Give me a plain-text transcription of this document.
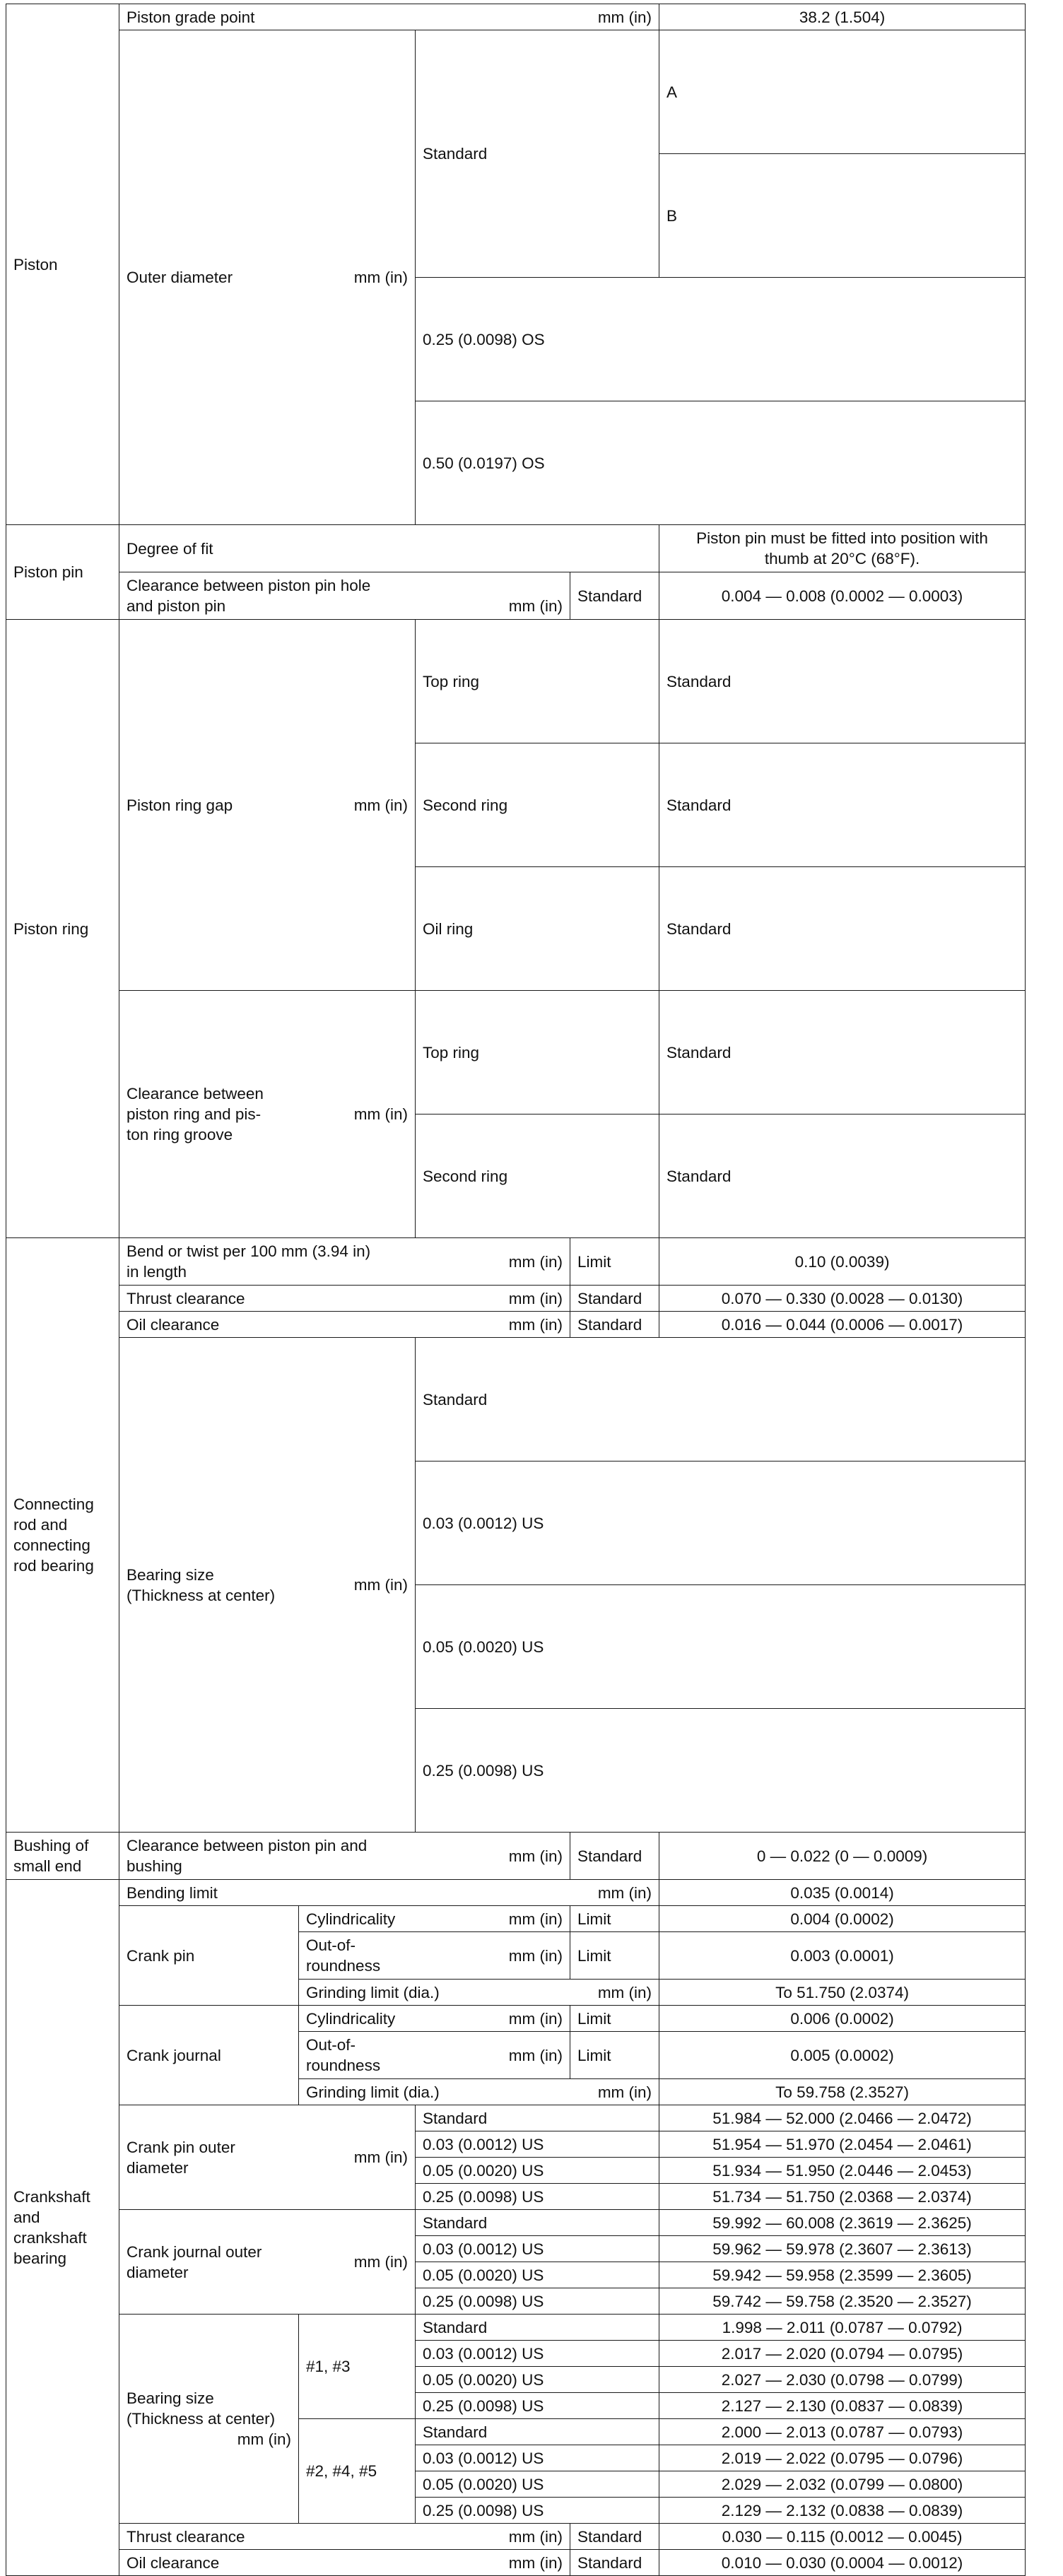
Piston	Piston grade point mm (in)				38.2 (1.504)	

	Outer diameter mm (in)		Standard		A	
					B	
			0.25 (0.0098) OS	
			0.50 (0.0197) OS	
Piston pin	Degree of fit				Piston pin must be fitted into position with
thumb at 20°C (68°F).	

	Clearance between piston pin hole
and piston pin mm (in)			Standard	0.004 — 0.008 (0.0002 — 0.0003)	
Piston ring	Piston ring gap mm (in)		Top ring		Standard	
			Second ring		Standard	
			Oil ring		Standard	

	Clearance between
piston ring and pis-
ton ring groove
mm (in)		Top ring		Standard	
			Second ring		Standard	
Connecting
rod and
connecting
rod bearing	Bend or twist per 100 mm (3.94 in)
in length
mm (in)			Limit	0.10 (0.0039)	

	Thrust clearance mm (in)			Standard	0.070 — 0.330 (0.0028 — 0.0130)	

	Oil clearance mm (in)			Standard	0.016 — 0.044 (0.0006 — 0.0017)	

	Bearing size
(Thickness at center)
mm (in)		Standard	
			0.03 (0.0012) US	
			0.05 (0.0020) US	
			0.25 (0.0098) US	
Bushing of
small end	Clearance between piston pin and
bushing
mm (in)			Standard	0 — 0.022 (0 — 0.0009)	
Crankshaft
and
crankshaft
bearing	Bending limit mm (in)				0.035 (0.0014)	
	Crank pin	Cylindricality mm (in)		Limit	0.004 (0.0002)	

		Out-of-
roundness
mm (in)		Limit	0.003 (0.0001)	

		Grinding limit (dia.) mm (in)			To 51.750 (2.0374)	
	Crank journal	Cylindricality mm (in)		Limit	0.006 (0.0002)	

		Out-of-
roundness
mm (in)		Limit	0.005 (0.0002)	

		Grinding limit (dia.) mm (in)			To 59.758 (2.3527)	

	Crank pin outer
diameter
mm (in)		Standard		51.984 — 52.000 (2.0466 — 2.0472)	
			0.03 (0.0012) US		51.954 — 51.970 (2.0454 — 2.0461)	
			0.05 (0.0020) US		51.934 — 51.950 (2.0446 — 2.0453)	
			0.25 (0.0098) US		51.734 — 51.750 (2.0368 — 2.0374)	

	Crank journal outer
diameter
mm (in)		Standard		59.992 — 60.008 (2.3619 — 2.3625)	
			0.03 (0.0012) US		59.962 — 59.978 (2.3607 — 2.3613)	
			0.05 (0.0020) US		59.942 — 59.958 (2.3599 — 2.3605)	
			0.25 (0.0098) US		59.742 — 59.758 (2.3520 — 2.3527)	

	Bearing size
(Thickness at center)
mm (in)	#1, #3	Standard		1.998 — 2.011 (0.0787 — 0.0792)	
			0.03 (0.0012) US		2.017 — 2.020 (0.0794 — 0.0795)	
			0.05 (0.0020) US		2.027 — 2.030 (0.0798 — 0.0799)	
			0.25 (0.0098) US		2.127 — 2.130 (0.0837 — 0.0839)	
		#2, #4, #5	Standard		2.000 — 2.013 (0.0787 — 0.0793)	
			0.03 (0.0012) US		2.019 — 2.022 (0.0795 — 0.0796)	
			0.05 (0.0020) US		2.029 — 2.032 (0.0799 — 0.0800)	
			0.25 (0.0098) US		2.129 — 2.132 (0.0838 — 0.0839)	

	Thrust clearance mm (in)			Standard	0.030 — 0.115 (0.0012 — 0.0045)	

	Oil clearance mm (in)			Standard	0.010 — 0.030 (0.0004 — 0.0012)	
